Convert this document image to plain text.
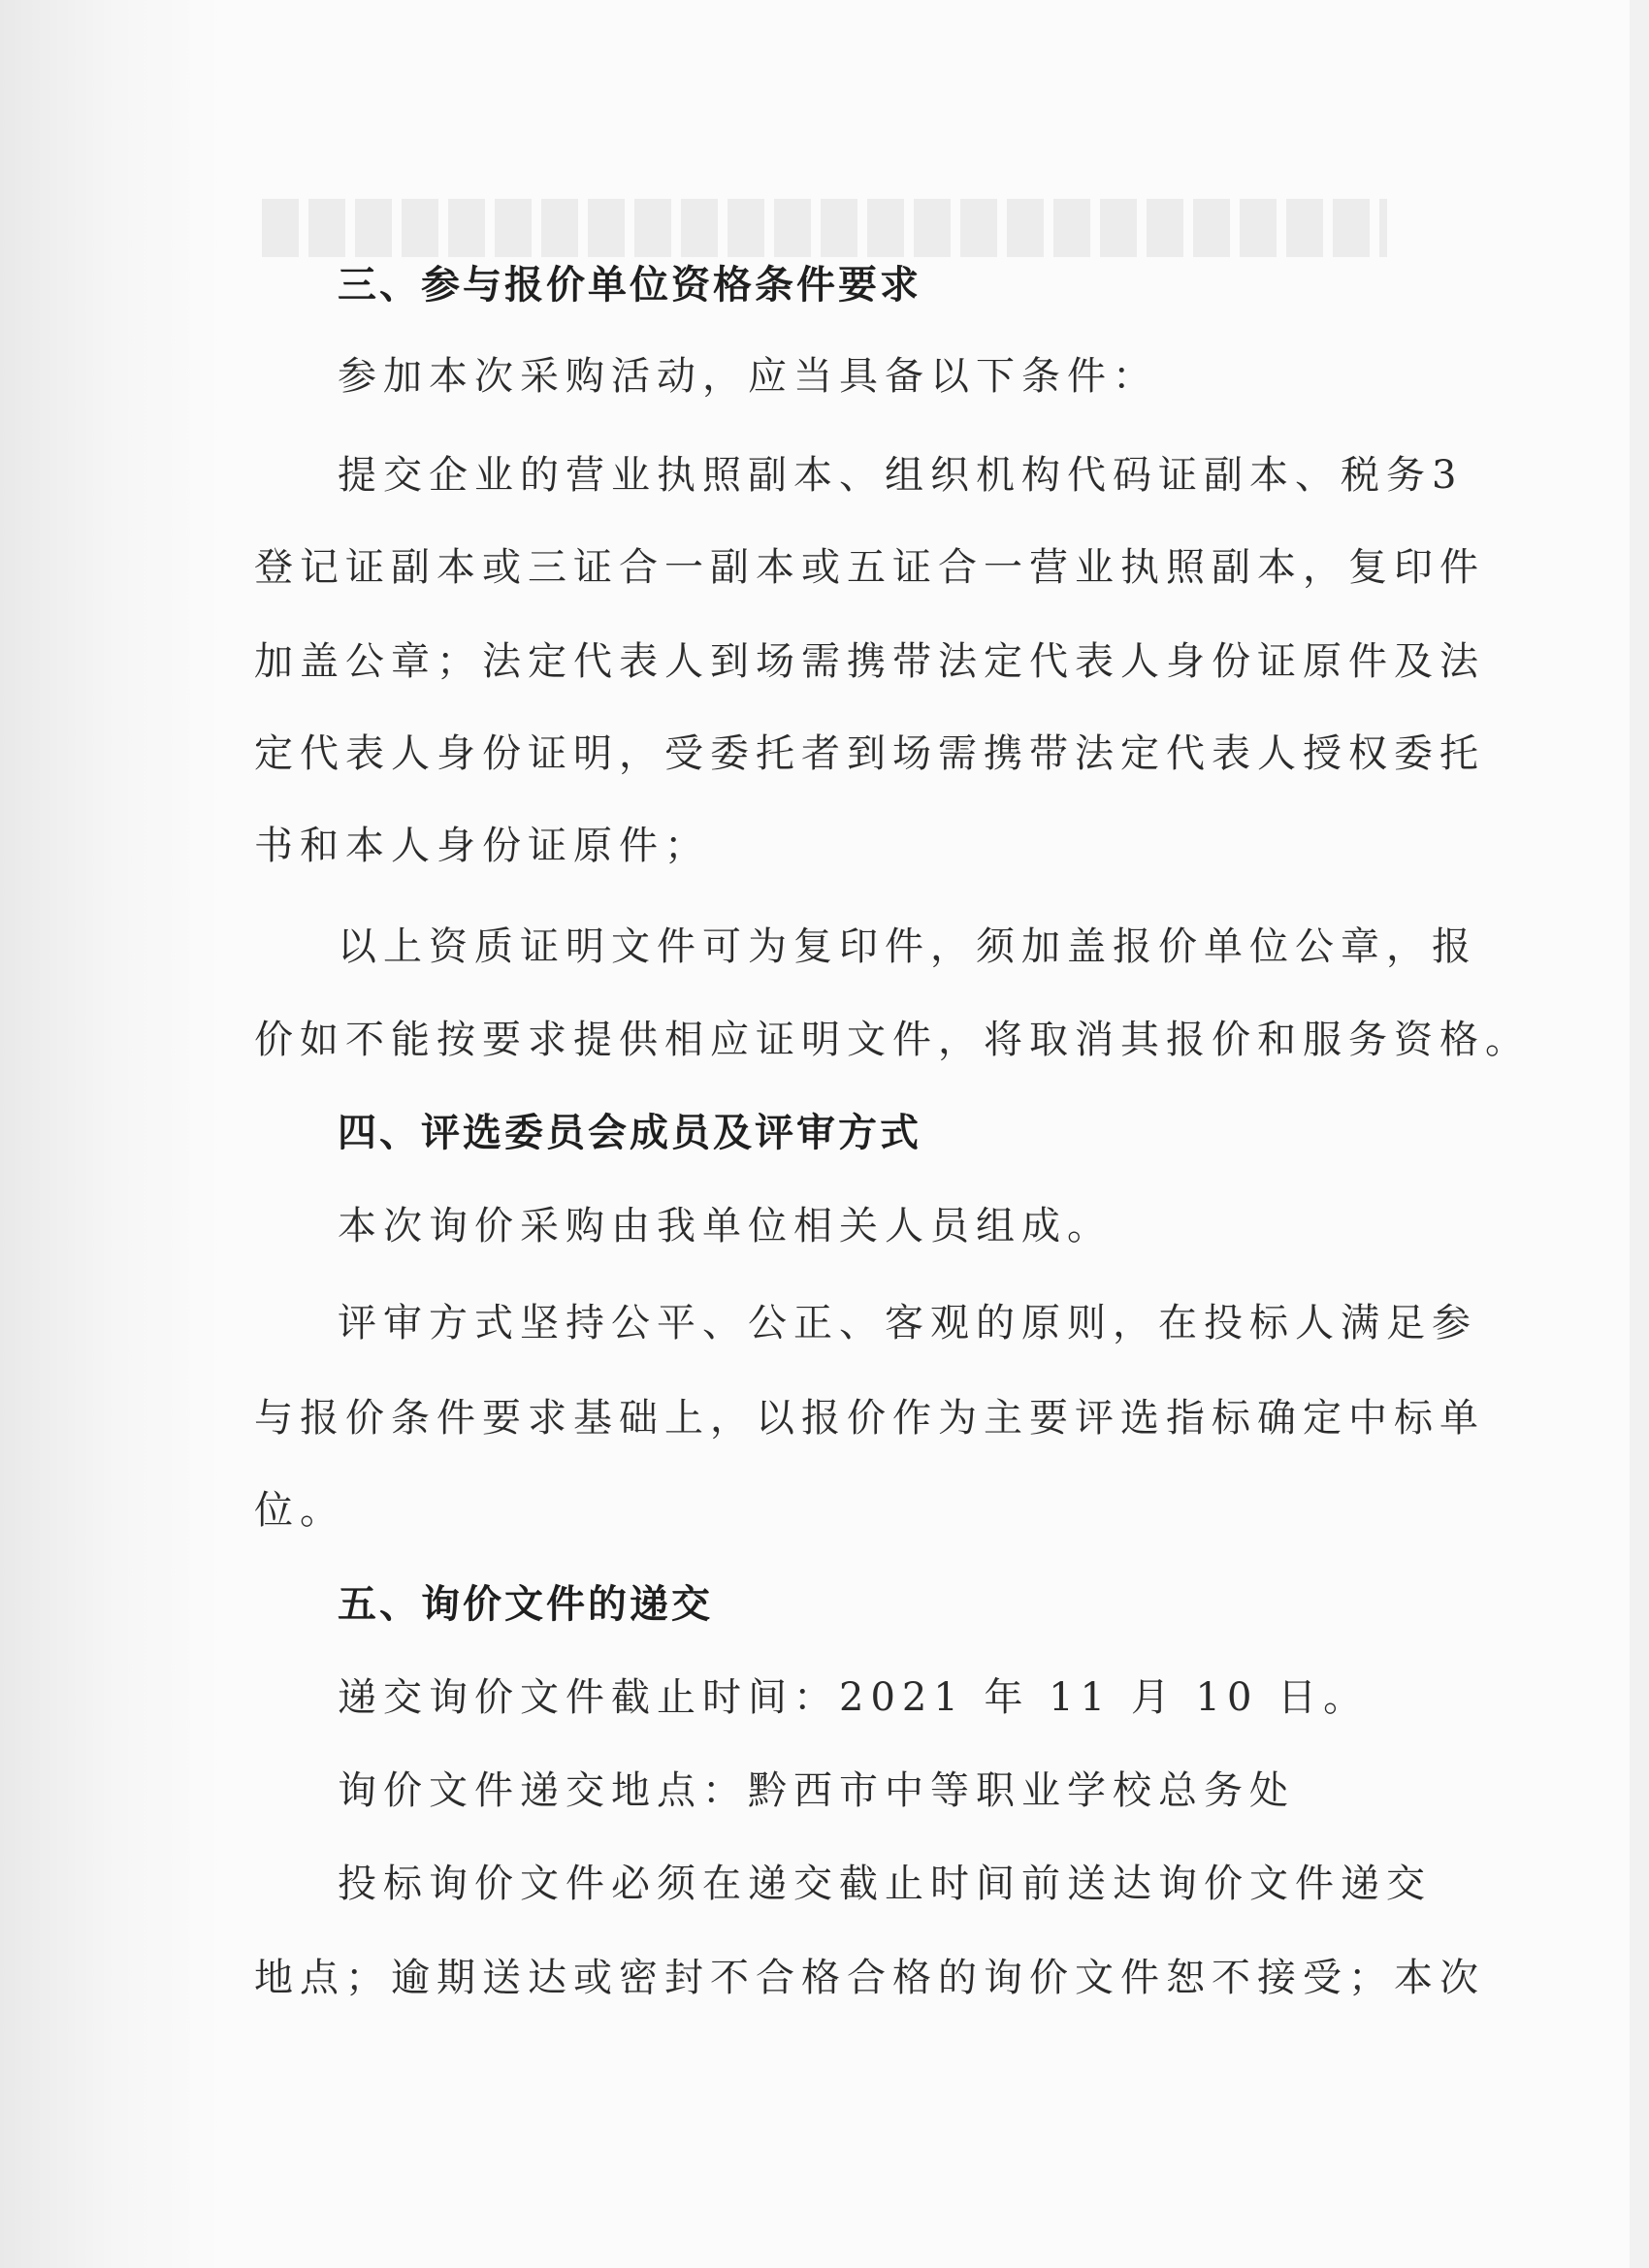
三、参与报价单位资格条件要求
参加本次采购活动，应当具备以下条件：
提交企业的营业执照副本、组织机构代码证副本、税务3
登记证副本或三证合一副本或五证合一营业执照副本，复印件
加盖公章；法定代表人到场需携带法定代表人身份证原件及法
定代表人身份证明，受委托者到场需携带法定代表人授权委托
书和本人身份证原件；
以上资质证明文件可为复印件，须加盖报价单位公章，报
价如不能按要求提供相应证明文件，将取消其报价和服务资格。
四、评选委员会成员及评审方式
本次询价采购由我单位相关人员组成。
评审方式坚持公平、公正、客观的原则，在投标人满足参
与报价条件要求基础上，以报价作为主要评选指标确定中标单
位。
五、询价文件的递交
递交询价文件截止时间：2021 年 11 月 10 日。
询价文件递交地点：黔西市中等职业学校总务处
投标询价文件必须在递交截止时间前送达询价文件递交
地点；逾期送达或密封不合格合格的询价文件恕不接受；本次
